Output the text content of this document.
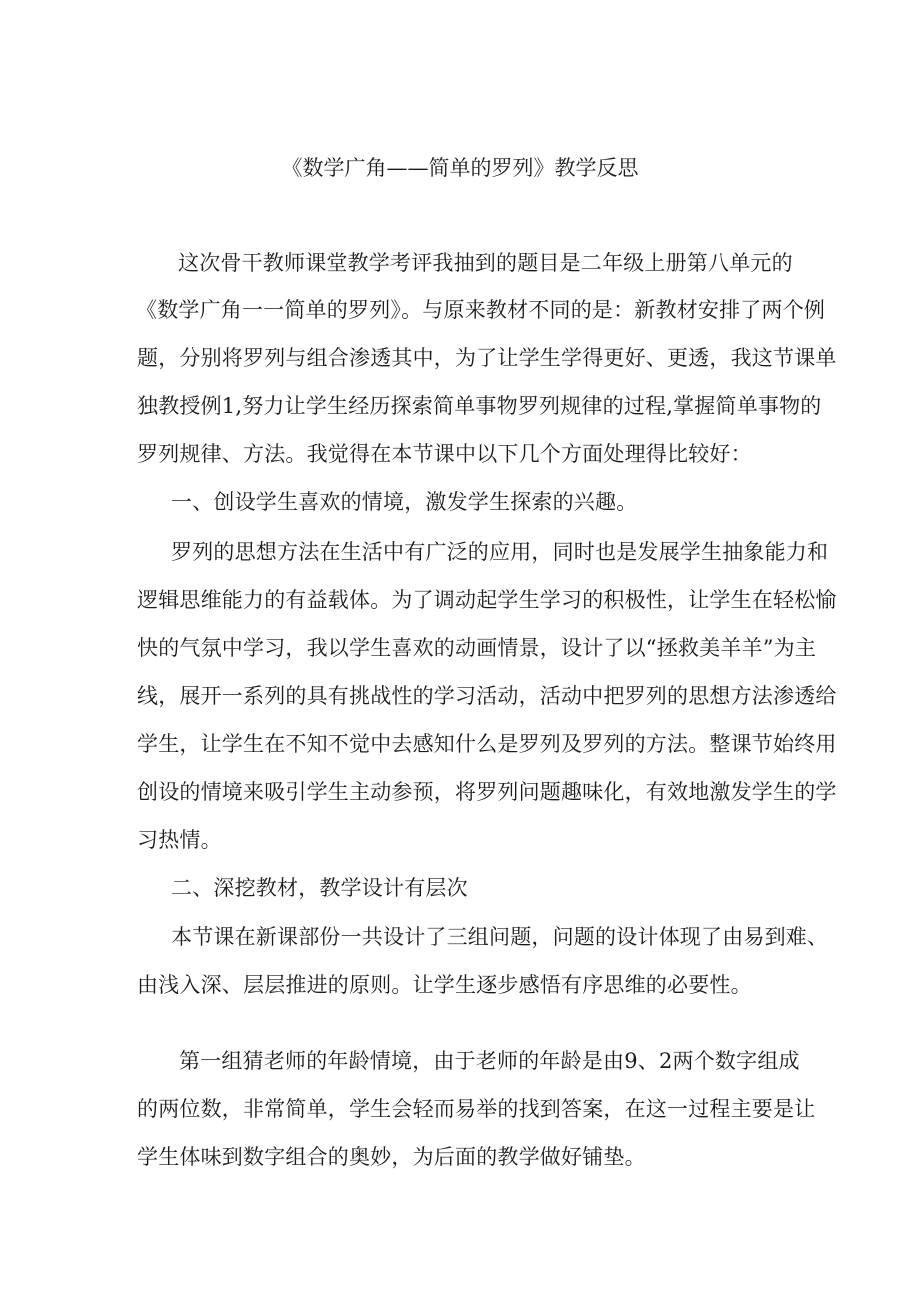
《数学广角——简单的罗列》教学反思
这次骨干教师课堂教学考评我抽到的题目是二年级上册第八单元的
《数学广角一一简单的罗列》。与原来教材不同的是：新教材安排了两个例
题，分别将罗列与组合渗透其中，为了让学生学得更好、更透，我这节课单
独教授例1,努力让学生经历探索简单事物罗列规律的过程,掌握简单事物的
罗列规律、方法。我觉得在本节课中以下几个方面处理得比较好：
一、创设学生喜欢的情境，激发学生探索的兴趣。
罗列的思想方法在生活中有广泛的应用，同时也是发展学生抽象能力和
逻辑思维能力的有益载体。为了调动起学生学习的积极性，让学生在轻松愉
快的气氛中学习，我以学生喜欢的动画情景，设计了以“拯救美羊羊”为主
线，展开一系列的具有挑战性的学习活动，活动中把罗列的思想方法渗透给
学生，让学生在不知不觉中去感知什么是罗列及罗列的方法。整课节始终用
创设的情境来吸引学生主动参预，将罗列问题趣味化，有效地激发学生的学
习热情。
二、深挖教材，教学设计有层次
本节课在新课部份一共设计了三组问题，问题的设计体现了由易到难、
由浅入深、层层推进的原则。让学生逐步感悟有序思维的必要性。
第一组猜老师的年龄情境，由于老师的年龄是由9、2两个数字组成
的两位数，非常简单，学生会轻而易举的找到答案，在这一过程主要是让
学生体味到数字组合的奥妙，为后面的教学做好铺垫。
